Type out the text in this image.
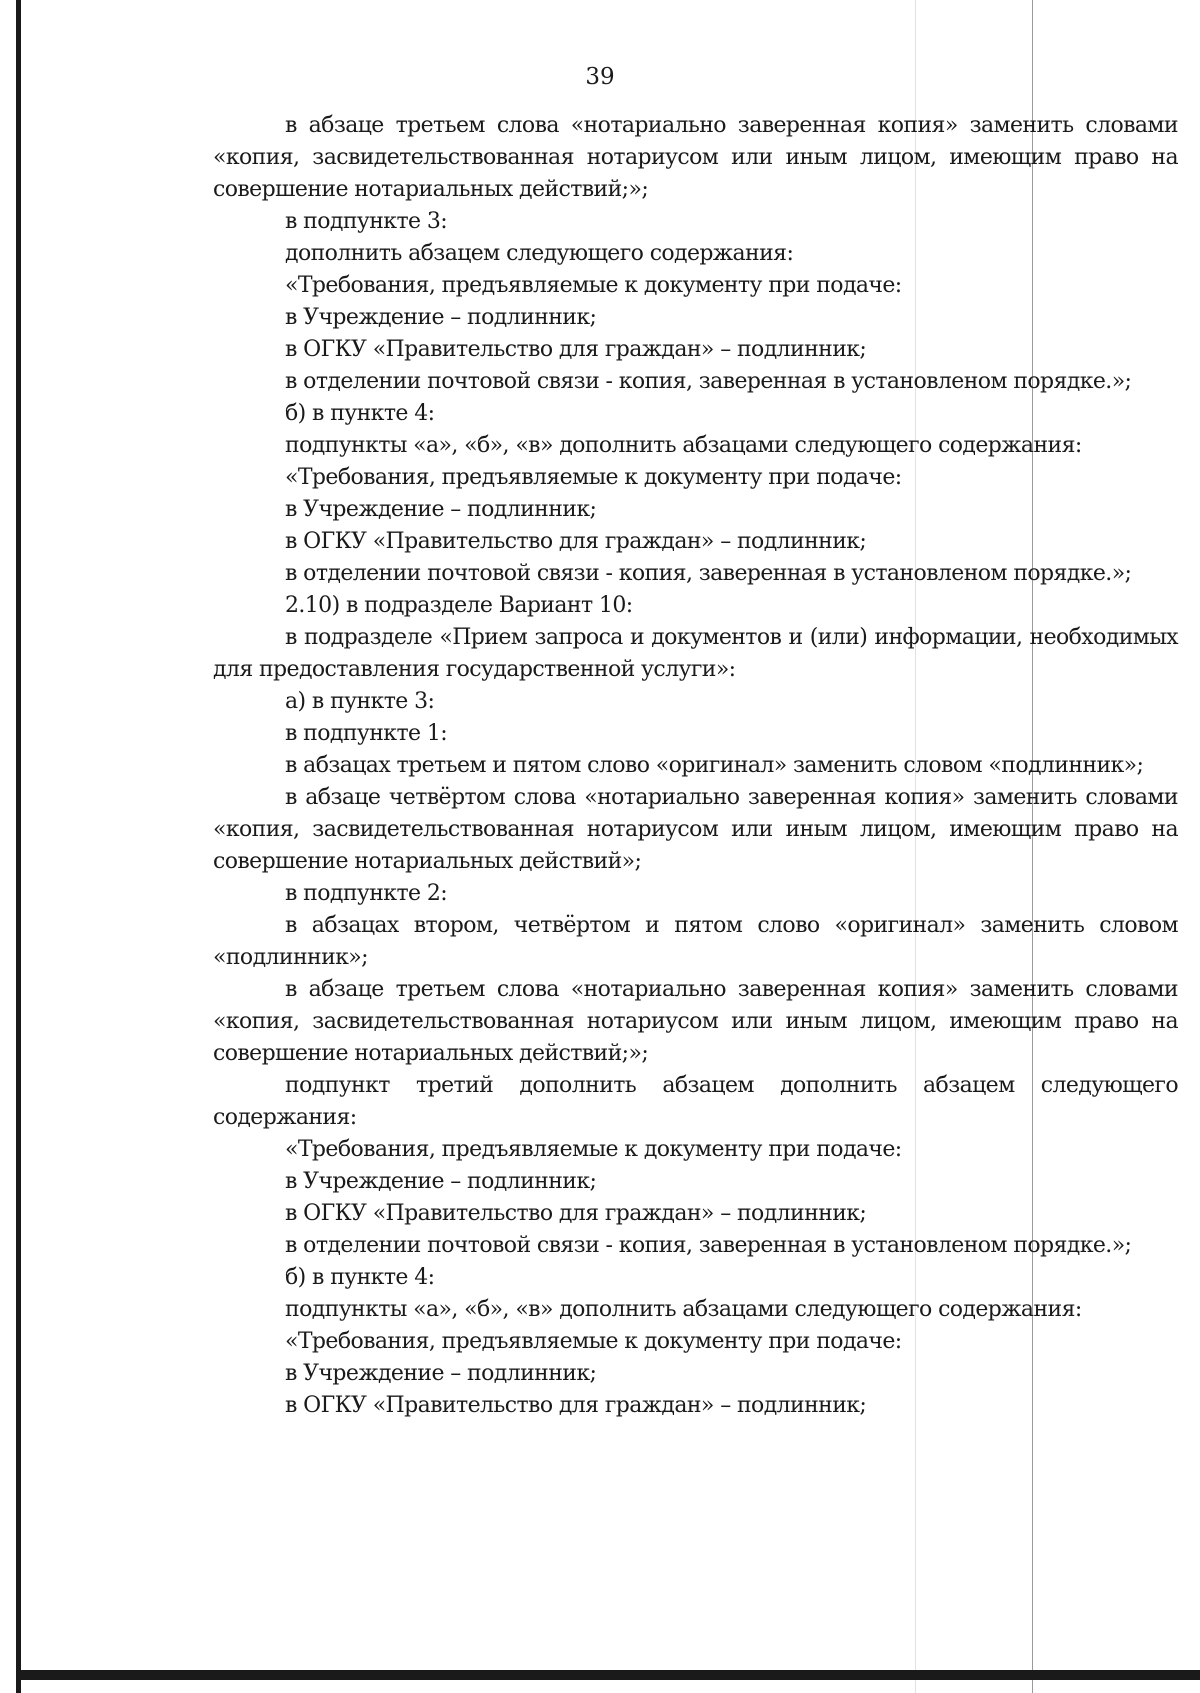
39

в абзаце третьем слова «нотариально заверенная копия» заменить словами «копия, засвидетельствованная нотариусом или иным лицом, имеющим право на совершение нотариальных действий;»;

в подпункте 3:

дополнить абзацем следующего содержания:

«Требования, предъявляемые к документу при подаче:

в Учреждение – подлинник;

в ОГКУ «Правительство для граждан» – подлинник;

в отделении почтовой связи - копия, заверенная в установленом порядке.»;

б) в пункте 4:

подпункты «а», «б», «в» дополнить абзацами следующего содержания:

«Требования, предъявляемые к документу при подаче:

в Учреждение – подлинник;

в ОГКУ «Правительство для граждан» – подлинник;

в отделении почтовой связи - копия, заверенная в установленом порядке.»;

2.10) в подразделе Вариант 10:

в подразделе «Прием запроса и документов и (или) информации, необходимых для предоставления государственной услуги»:

а) в пункте 3:

в подпункте 1:

в абзацах третьем и пятом слово «оригинал» заменить словом «подлинник»;

в абзаце четвёртом слова «нотариально заверенная копия» заменить словами «копия, засвидетельствованная нотариусом или иным лицом, имеющим право на совершение нотариальных действий»;

в подпункте 2:

в абзацах втором, четвёртом и пятом слово «оригинал» заменить словом «подлинник»;

в абзаце третьем слова «нотариально заверенная копия» заменить словами «копия, засвидетельствованная нотариусом или иным лицом, имеющим право на совершение нотариальных действий;»;

подпункт третий дополнить абзацем дополнить абзацем следующего содержания:

«Требования, предъявляемые к документу при подаче:

в Учреждение – подлинник;

в ОГКУ «Правительство для граждан» – подлинник;

в отделении почтовой связи - копия, заверенная в установленом порядке.»;

б) в пункте 4:

подпункты «а», «б», «в» дополнить абзацами следующего содержания:

«Требования, предъявляемые к документу при подаче:

в Учреждение – подлинник;

в ОГКУ «Правительство для граждан» – подлинник;
